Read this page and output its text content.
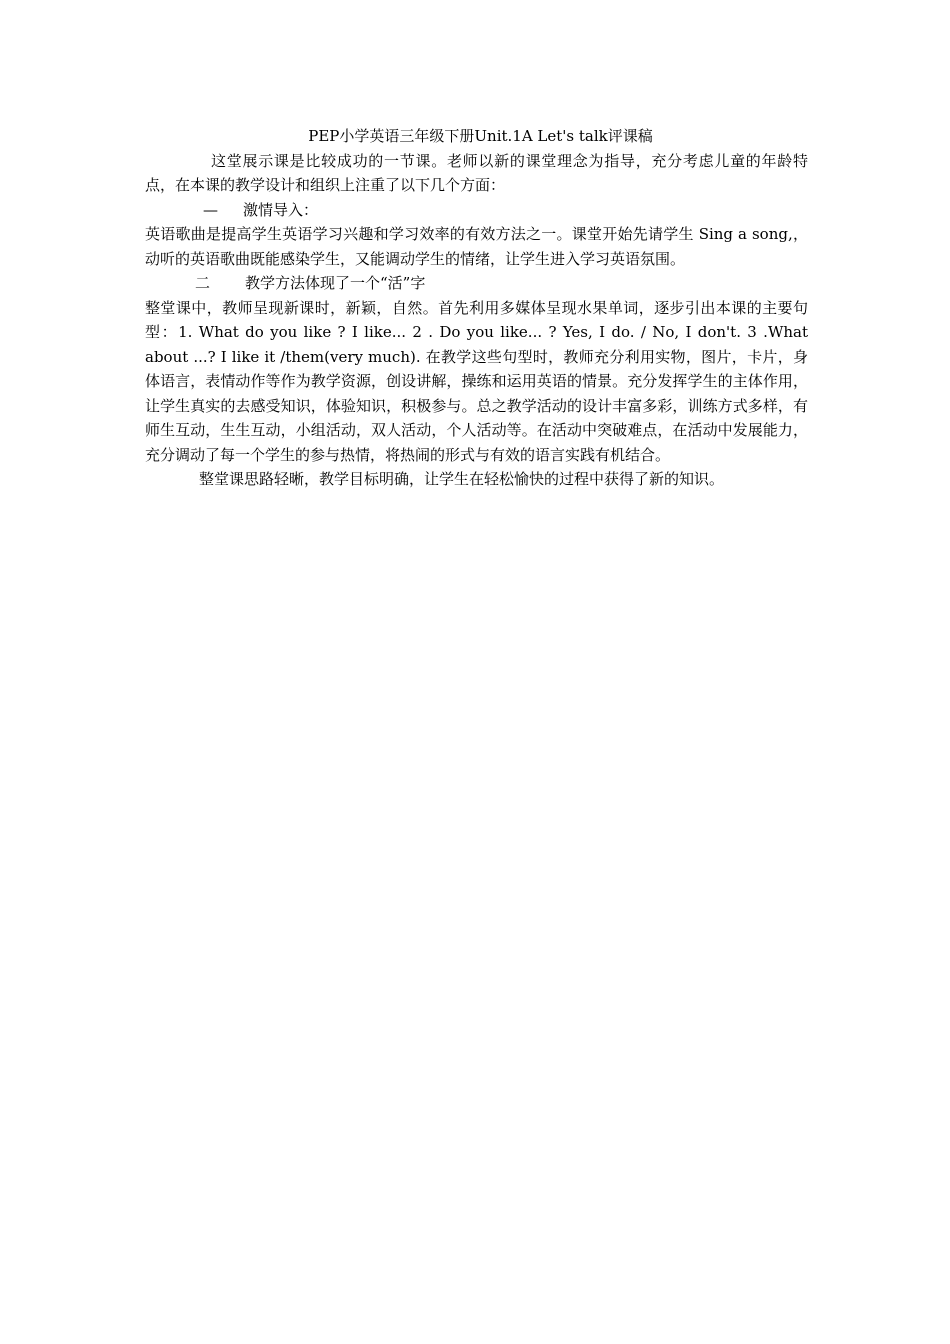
PEP小学英语三年级下册Unit.1A Let's talk评课稿

这堂展示课是比较成功的一节课。老师以新的课堂理念为指导，充分考虑儿童的年龄特点，在本课的教学设计和组织上注重了以下几个方面：

— 激情导入：

英语歌曲是提高学生英语学习兴趣和学习效率的有效方法之一。课堂开始先请学生 Sing a song,，动听的英语歌曲既能感染学生，又能调动学生的情绪，让学生进入学习英语氛围。

二 教学方法体现了一个“活”字

整堂课中，教师呈现新课时，新颖，自然。首先利用多媒体呈现水果单词，逐步引出本课的主要句型：1. What do you like ? I like... 2 . Do you like... ? Yes, I do. / No, I don't. 3 .What about ...? I like it /them(very much). 在教学这些句型时，教师充分利用实物，图片，卡片，身体语言，表情动作等作为教学资源，创设讲解，操练和运用英语的情景。充分发挥学生的主体作用，让学生真实的去感受知识，体验知识，积极参与。总之教学活动的设计丰富多彩，训练方式多样，有师生互动，生生互动，小组活动，双人活动，个人活动等。在活动中突破难点，在活动中发展能力，充分调动了每一个学生的参与热情，将热闹的形式与有效的语言实践有机结合。

整堂课思路轻晰，教学目标明确，让学生在轻松愉快的过程中获得了新的知识。
